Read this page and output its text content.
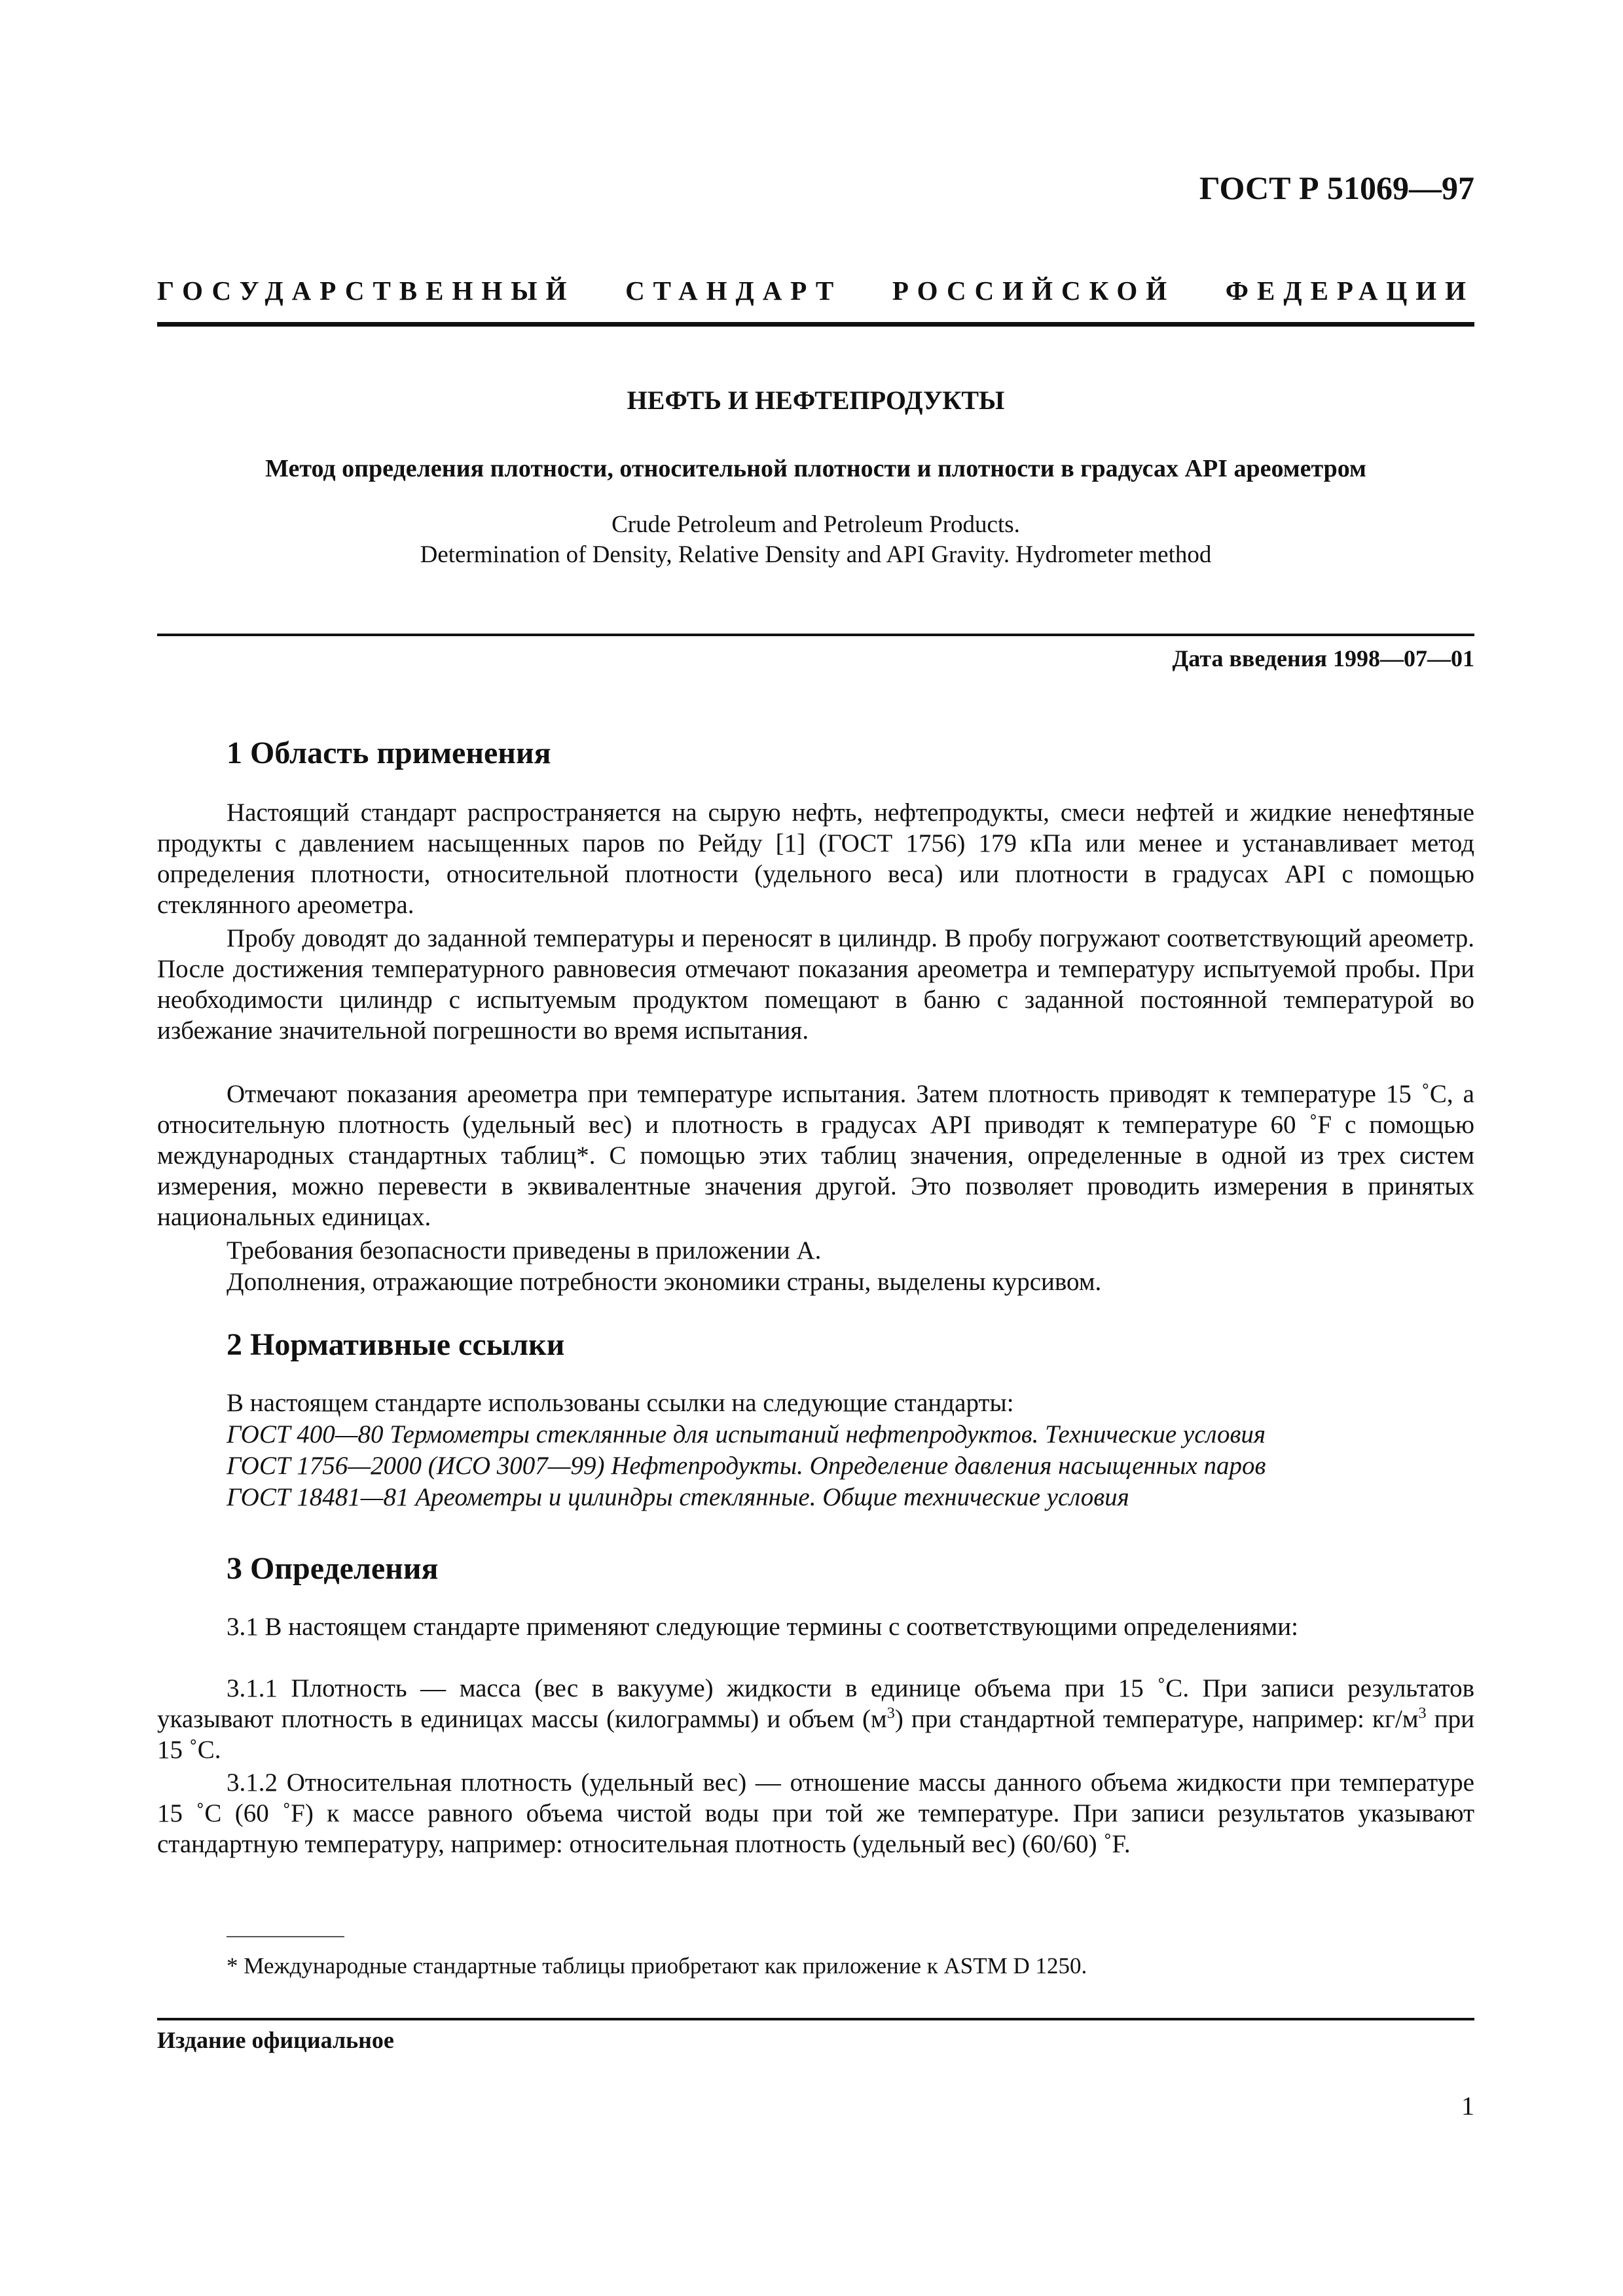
ГОСТ Р 51069—97
ГОСУДАРСТВЕННЫЙ СТАНДАРТ РОССИЙСКОЙ ФЕДЕРАЦИИ
НЕФТЬ И НЕФТЕПРОДУКТЫ
Метод определения плотности, относительной плотности и плотности в градусах API ареометром
Crude Petroleum and Petroleum Products.
Determination of Density, Relative Density and API Gravity. Hydrometer method
Дата введения 1998—07—01
1 Область применения

Настоящий стандарт распространяется на сырую нефть, нефтепродукты, смеси нефтей и жидкие ненефтяные продукты с давлением насыщенных паров по Рейду [1] (ГОСТ 1756) 179 кПа или менее и устанавливает метод определения плотности, относительной плотности (удельного веса) или плотности в градусах API с помощью стеклянного ареометра.

Пробу доводят до заданной температуры и переносят в цилиндр. В пробу погружают соответствующий ареометр. После достижения температурного равновесия отмечают показания ареометра и температуру испытуемой пробы. При необходимости цилиндр с испытуемым продуктом помещают в баню с заданной постоянной температурой во избежание значительной погрешности во время испытания.

Отмечают показания ареометра при температуре испытания. Затем плотность приводят к температуре 15 ˚С, а относительную плотность (удельный вес) и плотность в градусах API приводят к температуре 60 ˚F с помощью международных стандартных таблиц*. С помощью этих таблиц значения, определенные в одной из трех систем измерения, можно перевести в эквивалентные значения другой. Это позволяет проводить измерения в принятых национальных единицах.

Требования безопасности приведены в приложении А.
Дополнения, отражающие потребности экономики страны, выделены курсивом.
2 Нормативные ссылки
В настоящем стандарте использованы ссылки на следующие стандарты:
ГОСТ 400—80 Термометры стеклянные для испытаний нефтепродуктов. Технические условия
ГОСТ 1756—2000 (ИСО 3007—99) Нефтепродукты. Определение давления насыщенных паров
ГОСТ 18481—81 Ареометры и цилиндры стеклянные. Общие технические условия
3 Определения

3.1 В настоящем стандарте применяют следующие термины с соответствующими определениями:

3.1.1 Плотность — масса (вес в вакууме) жидкости в единице объема при 15 ˚С. При записи результатов указывают плотность в единицах массы (килограммы) и объем $(м^3)$ при стандартной температуре, например: $кг/м^3$ при 15 ˚С.

3.1.2 Относительная плотность (удельный вес) — отношение массы данного объема жидкости при температуре 15 ˚С (60 ˚F) к массе равного объема чистой воды при той же температуре. При записи результатов указывают стандартную температуру, например: относительная плотность (удельный вес) (60/60) ˚F.

* Международные стандартные таблицы приобретают как приложение к ASTM D 1250.
Издание официальное
1
